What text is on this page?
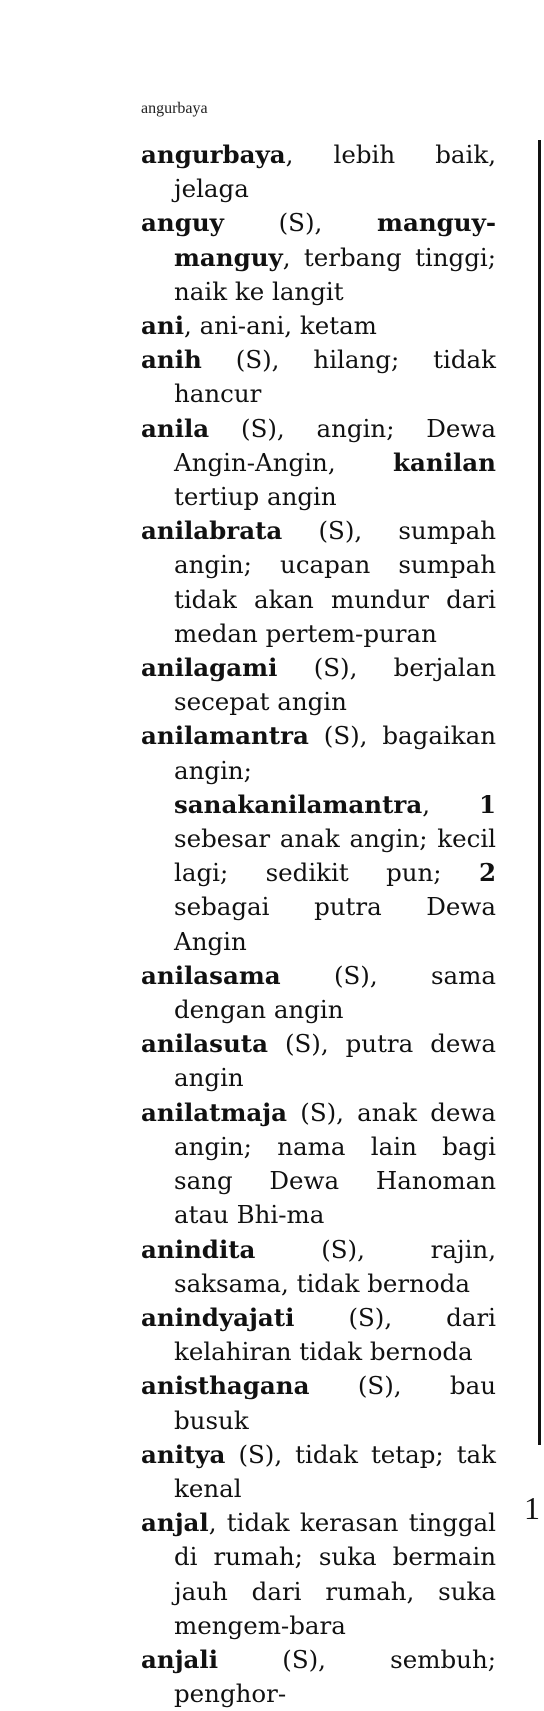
angurbaya

angurbaya, lebih baik, jelaga

anguy (S), manguy-manguy, terbang tinggi; naik ke langit

ani, ani-ani, ketam

anih (S), hilang; tidak hancur

anila (S), angin; Dewa Angin-Angin, kanilan tertiup angin

anilabrata (S), sumpah angin; ucapan sumpah tidak akan mundur dari medan pertem-puran

anilagami (S), berjalan secepat angin

anilamantra (S), bagaikan angin; sanakanilamantra, 1 sebesar anak angin; kecil lagi; sedikit pun; 2 sebagai putra Dewa Angin

anilasama (S), sama dengan angin

anilasuta (S), putra dewa angin

anilatmaja (S), anak dewa angin; nama lain bagi sang Dewa Hanoman atau Bhi-ma

anindita (S), rajin, saksama, tidak bernoda

anindyajati (S), dari kelahiran tidak bernoda

anisthagana (S), bau busuk

anitya (S), tidak tetap; tak kenal

anjal, tidak kerasan tinggal di rumah; suka bermain jauh dari rumah, suka mengem-bara

anjali (S), sembuh; penghor-

1
